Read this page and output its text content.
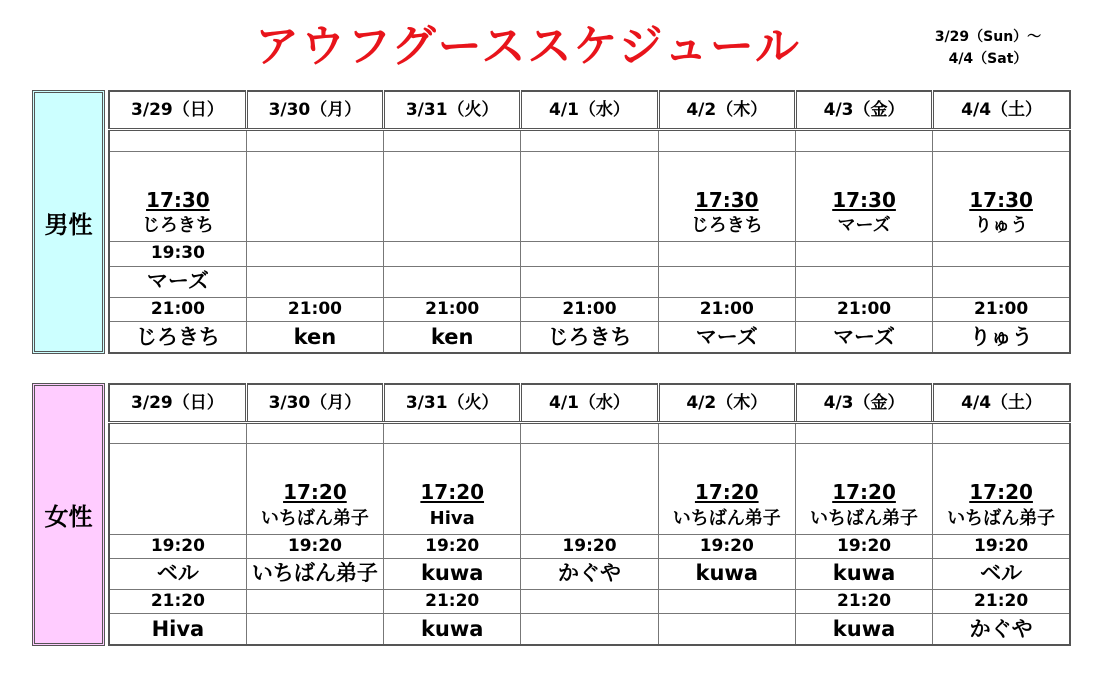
アウフグーススケジュール	3/29（Sun）～
4/4（Sat）
男性
3/29（日）	3/30（月）	3/31（火）	4/1（水）	4/2（木）	4/3（金）	4/4（土）

17:30				17:30	17:30	17:30
じろきち				じろきち	マーズ	りゅう
19:30						
マーズ						
21:00	21:00	21:00	21:00	21:00	21:00	21:00
じろきち	ken	ken	じろきち	マーズ	マーズ	りゅう
女性
3/29（日）	3/30（月）	3/31（火）	4/1（水）	4/2（木）	4/3（金）	4/4（土）

	17:20	17:20		17:20	17:20	17:20
	いちばん弟子	Hiva		いちばん弟子	いちばん弟子	いちばん弟子
19:20	19:20	19:20	19:20	19:20	19:20	19:20
ベル	いちばん弟子	kuwa	かぐや	kuwa	kuwa	ベル
21:20		21:20			21:20	21:20
Hiva		kuwa			kuwa	かぐや
